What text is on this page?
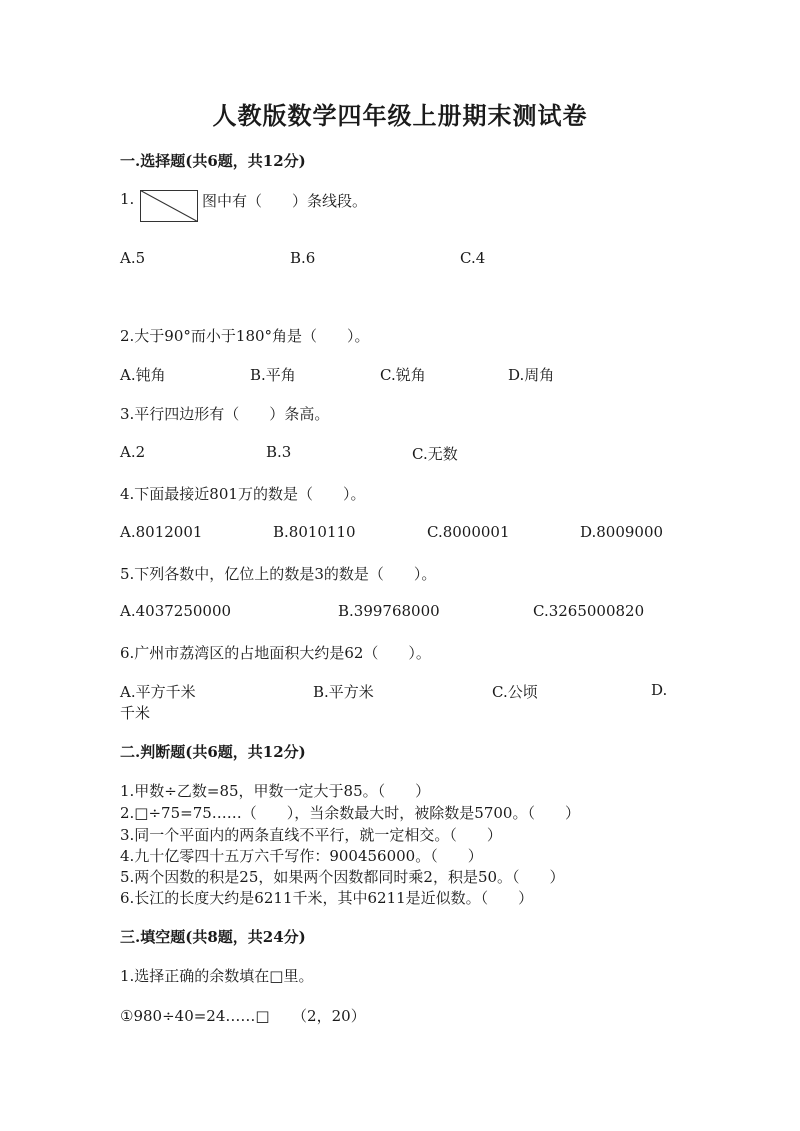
人教版数学四年级上册期末测试卷
一.选择题(共6题，共12分)
1.	图中有（　　）条线段。
A.5	B.6	C.4
2.大于90°而小于180°角是（　　）。
A.钝角	B.平角	C.锐角	D.周角
3.平行四边形有（　　）条高。
A.2	B.3	C.无数
4.下面最接近801万的数是（　　）。
A.8012001	B.8010110	C.8000001	D.8009000
5.下列各数中，亿位上的数是3的数是（　　）。
A.4037250000	B.399768000	C.3265000820
6.广州市荔湾区的占地面积大约是62（　　）。
A.平方千米	B.平方米	C.公顷	D.
千米
二.判断题(共6题，共12分)
1.甲数÷乙数=85，甲数一定大于85。（　　）
2.□÷75=75……（　　），当余数最大时，被除数是5700。（　　）
3.同一个平面内的两条直线不平行，就一定相交。（　　）
4.九十亿零四十五万六千写作：900456000。（　　）
5.两个因数的积是25，如果两个因数都同时乘2，积是50。（　　）
6.长江的长度大约是6211千米，其中6211是近似数。（　　）
三.填空题(共8题，共24分)
1.选择正确的余数填在□里。
①980÷40=24……□　　（2，20）
